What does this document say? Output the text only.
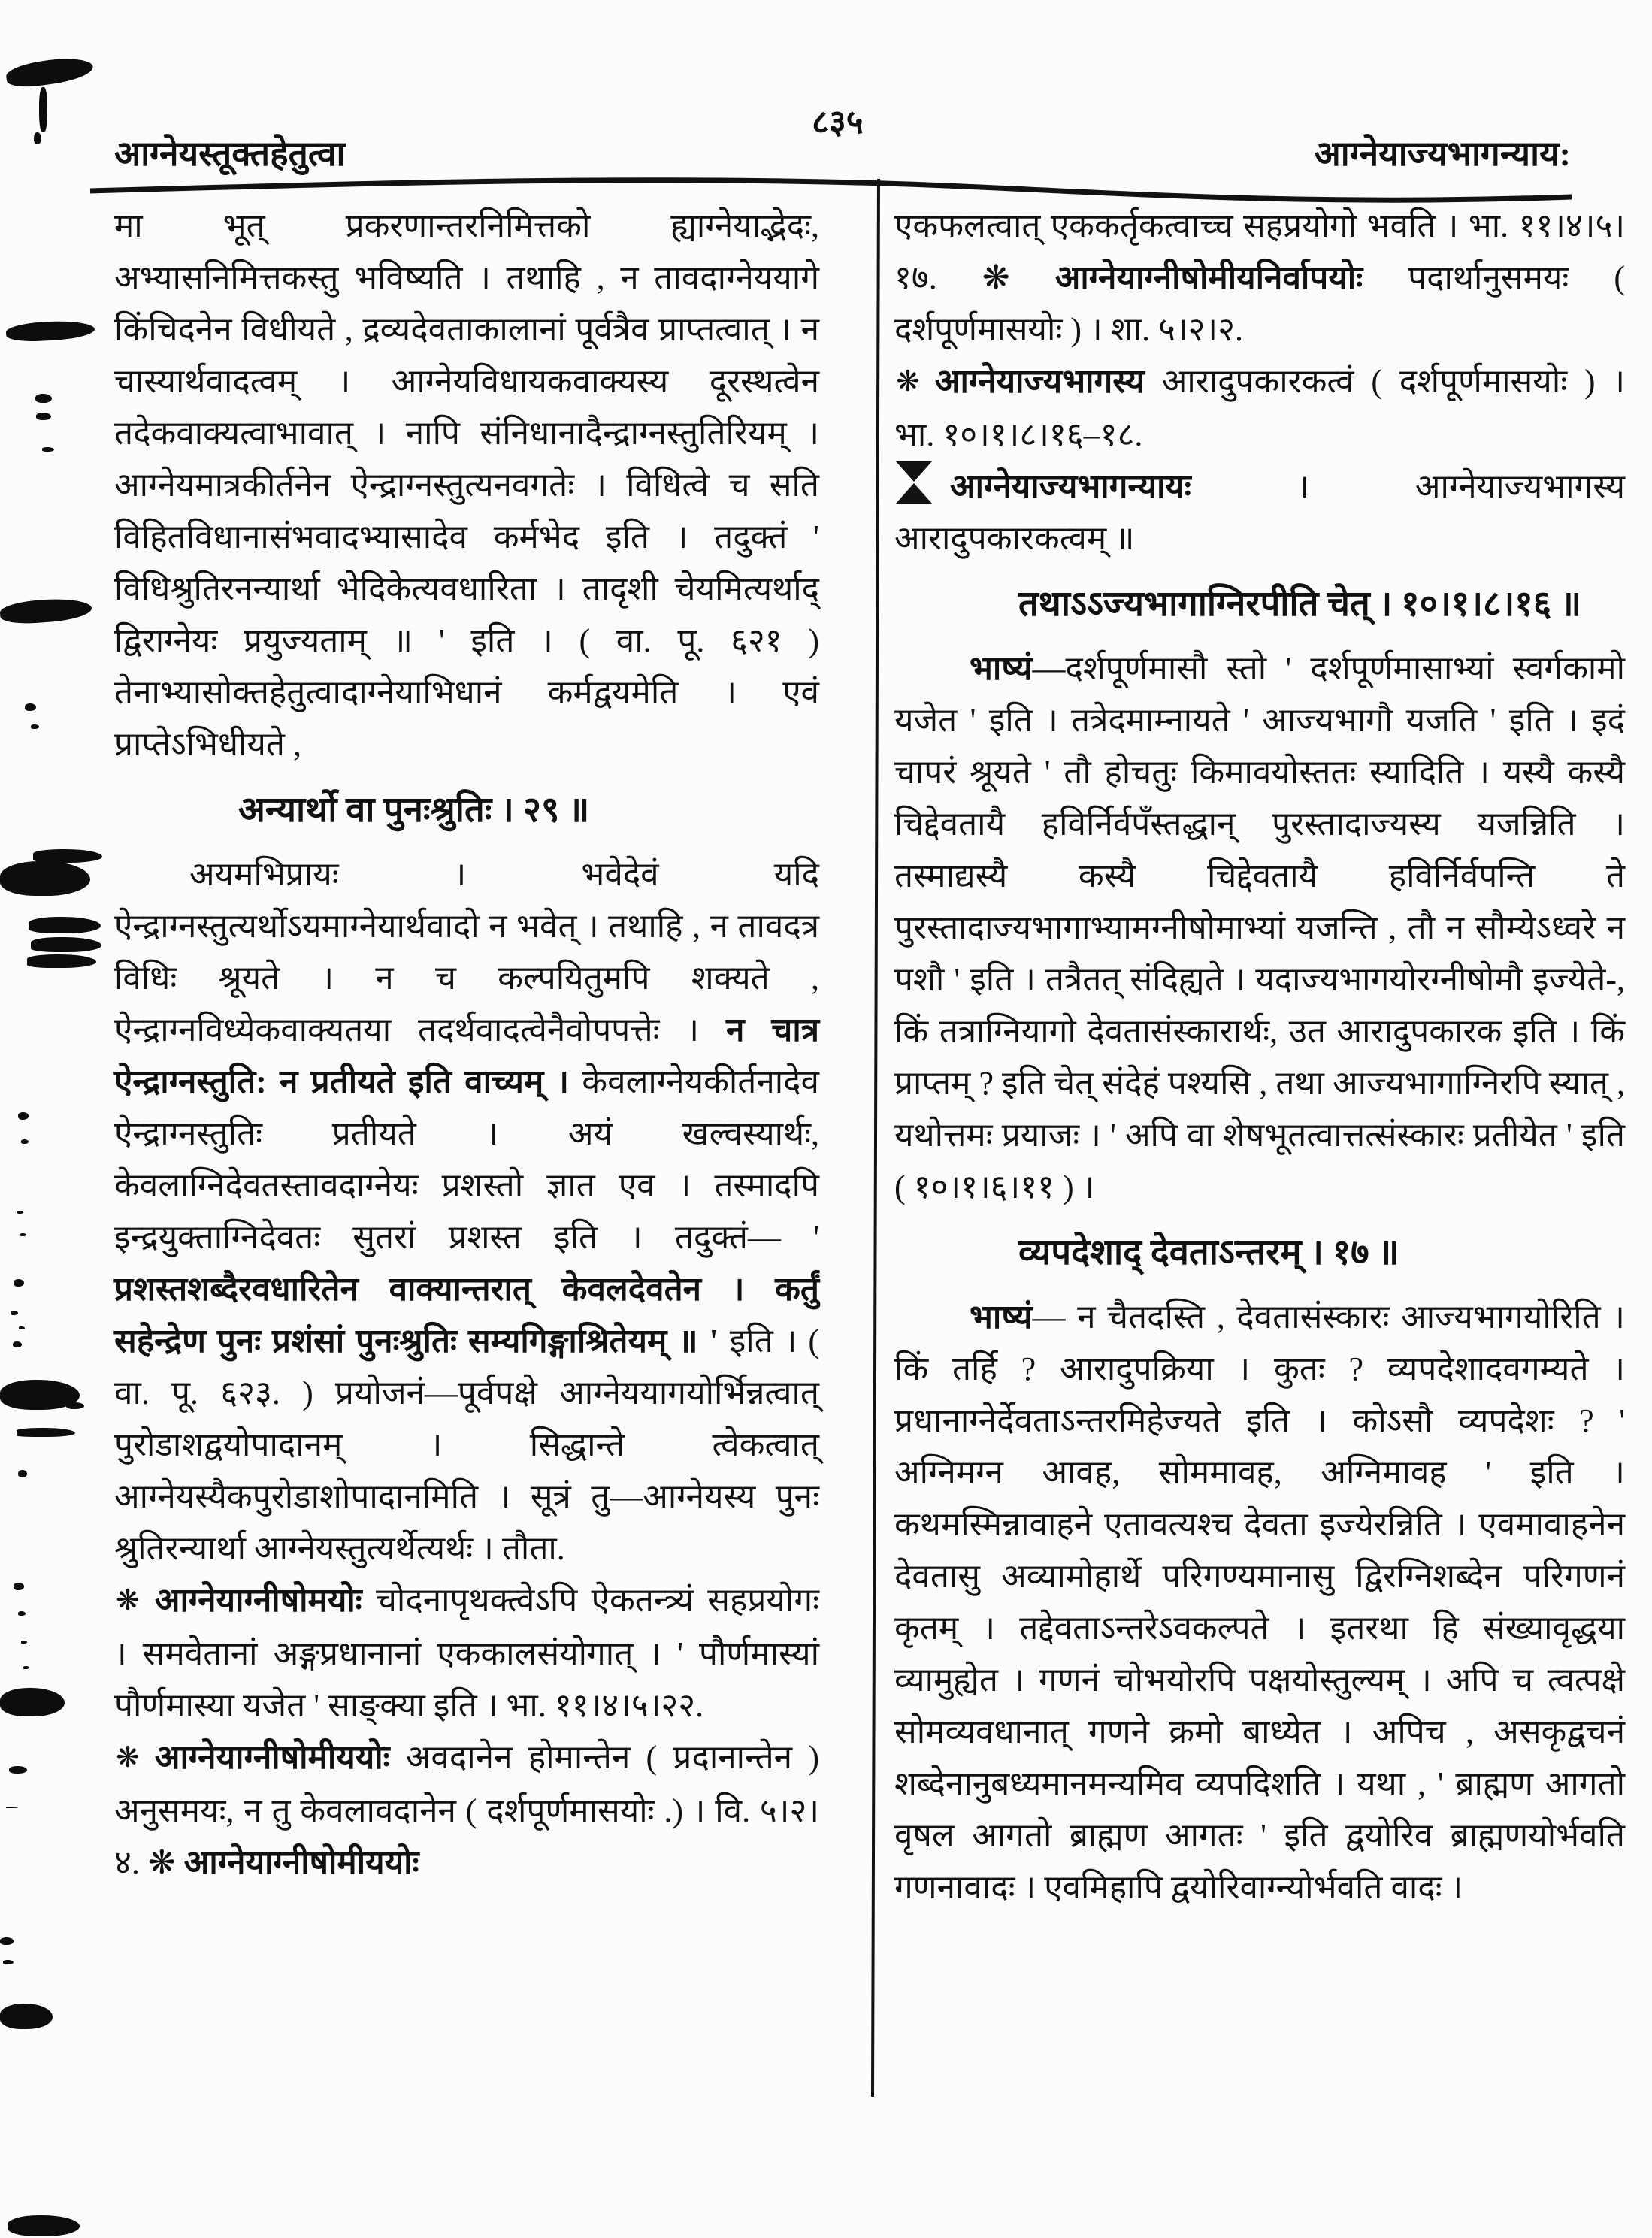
आग्नेयस्तूक्तहेतुत्वा	आग्नेयाज्यभागन्याय:
८३५

मा भूत् प्रकरणान्तरनिमित्तको ह्याग्नेयाद्भेदः, अभ्यासनिमित्तकस्तु भविष्यति । तथाहि , न तावदाग्नेययागे किंचिदनेन विधीयते , द्रव्यदेवताकालानां पूर्वत्रैव प्राप्तत्वात् । न चास्यार्थवादत्वम् । आग्नेयविधायकवाक्यस्य दूरस्थत्वेन तदेकवाक्यत्वाभावात् । नापि संनिधानादैन्द्राग्नस्तुतिरियम् । आग्नेयमात्रकीर्तनेन ऐन्द्राग्नस्तुत्यनवगतेः । विधित्वे च सति विहितविधानासंभवादभ्यासादेव कर्मभेद इति । तदुक्तं ' विधिश्रुतिरनन्यार्था भेदिकेत्यवधारिता । तादृशी चेयमित्यर्थाद् द्विराग्नेयः प्रयुज्यताम् ॥ ' इति । ( वा. पू. ६२१ ) तेनाभ्यासोक्तहेतुत्वादाग्नेयाभिधानं कर्मद्वयमेति । एवं प्राप्तेऽभिधीयते ,

अन्यार्थो वा पुनःश्रुतिः । २९ ॥

अयमभिप्रायः । भवेदेवं यदि ऐन्द्राग्नस्तुत्यर्थोऽयमाग्नेयार्थवादो न भवेत् । तथाहि , न तावदत्र विधिः श्रूयते । न च कल्पयितुमपि शक्यते , ऐन्द्राग्नविध्येकवाक्यतया तदर्थवादत्वेनैवोपपत्तेः । न चात्र ऐन्द्राग्नस्तुति: न प्रतीयते इति वाच्यम् । केवलाग्नेयकीर्तनादेव ऐन्द्राग्नस्तुतिः प्रतीयते । अयं खल्वस्यार्थः, केवलाग्निदेवतस्तावदाग्नेयः प्रशस्तो ज्ञात एव । तस्मादपि इन्द्रयुक्ताग्निदेवतः सुतरां प्रशस्त इति । तदुक्तं— ' प्रशस्तशब्दैरवधारितेन वाक्यान्तरात् केवलदेवतेन । कर्तुं सहेन्द्रेण पुनः प्रशंसां पुनःश्रुतिः सम्यगिङ्गाश्रितेयम् ॥ ' इति । ( वा. पू. ६२३. ) प्रयोजनं—पूर्वपक्षे आग्नेययागयोर्भिन्नत्वात् पुरोडाशद्वयोपादानम् । सिद्धान्ते त्वेकत्वात् आग्नेयस्यैकपुरोडाशोपादानमिति । सूत्रं तु—आग्नेयस्य पुनः श्रुतिरन्यार्था आग्नेयस्तुत्यर्थेत्यर्थः । तौता.

❋ आग्नेयाग्नीषोमयोः चोदनापृथक्त्वेऽपि ऐकतन्त्र्यं सहप्रयोगः । समवेतानां अङ्गप्रधानानां एककालसंयोगात् । ' पौर्णमास्यां पौर्णमास्या यजेत ' साङ्क्या इति । भा. ११।४।५।२२.

❋ आग्नेयाग्नीषोमीययोः अवदानेन होमान्तेन ( प्रदानान्तेन ) अनुसमयः, न तु केवलावदानेन ( दर्शपूर्णमासयोः .) । वि. ५।२।४. ❋ आग्नेयाग्नीषोमीययोः

एकफलत्वात् एककर्तृकत्वाच्च सहप्रयोगो भवति । भा. ११।४।५।१७. ❋ आग्नेयाग्नीषोमीयनिर्वापयोः पदार्थानुसमयः ( दर्शपूर्णमासयोः ) । शा. ५।२।२.

❋ आग्नेयाज्यभागस्य आरादुपकारकत्वं ( दर्शपूर्णमासयोः ) । भा. १०।१।८।१६–१८.

आग्नेयाज्यभागन्यायः । आग्नेयाज्यभागस्य आरादुपकारकत्वम् ॥

तथाऽऽज्यभागाग्निरपीति चेत् । १०।१।८।१६ ॥

भाष्यं—दर्शपूर्णमासौ स्तो ' दर्शपूर्णमासाभ्यां स्वर्गकामो यजेत ' इति । तत्रेदमाम्नायते ' आज्यभागौ यजति ' इति । इदं चापरं श्रूयते ' तौ होचतुः किमावयोस्ततः स्यादिति । यस्यै कस्यै चिद्देवतायै हविर्निर्वपँस्तद्धान् पुरस्तादाज्यस्य यजन्निति । तस्माद्यस्यै कस्यै चिद्देवतायै हविर्निर्वपन्ति ते पुरस्तादाज्यभागाभ्यामग्नीषोमाभ्यां यजन्ति , तौ न सौम्येऽध्वरे न पशौ ' इति । तत्रैतत् संदिह्यते । यदाज्यभागयोरग्नीषोमौ इज्येते-, किं तत्राग्नियागो देवतासंस्कारार्थः, उत आरादुपकारक इति । किं प्राप्तम् ? इति चेत् संदेहं पश्यसि , तथा आज्यभागाग्निरपि स्यात् , यथोत्तमः प्रयाजः । ' अपि वा शेषभूतत्वात्तत्संस्कारः प्रतीयेत ' इति ( १०।१।६।११ ) ।

व्यपदेशाद् देवताऽन्तरम् । १७ ॥

भाष्यं— न चैतदस्ति , देवतासंस्कारः आज्यभागयोरिति । किं तर्हि ? आरादुपक्रिया । कुतः ? व्यपदेशादवगम्यते । प्रधानाग्नेर्देवताऽन्तरमिहेज्यते इति । कोऽसौ व्यपदेशः ? ' अग्निमग्न आवह, सोममावह, अग्निमावह ' इति । कथमस्मिन्नावाहने एतावत्यश्च देवता इज्येरन्निति । एवमावाहनेन देवतासु अव्यामोहार्थे परिगण्यमानासु द्विरग्निशब्देन परिगणनं कृतम् । तद्देवताऽन्तरेऽवकल्पते । इतरथा हि संख्यावृद्धया व्यामुह्येत । गणनं चोभयोरपि पक्षयोस्तुल्यम् । अपि च त्वत्पक्षे सोमव्यवधानात् गणने क्रमो बाध्येत । अपिच , असकृद्वचनं शब्देनानुबध्यमानमन्यमिव व्यपदिशति । यथा , ' ब्राह्मण आगतो वृषल आगतो ब्राह्मण आगतः ' इति द्वयोरिव ब्राह्मणयोर्भवति गणनावादः । एवमिहापि द्वयोरिवाग्न्योर्भवति वादः ।
